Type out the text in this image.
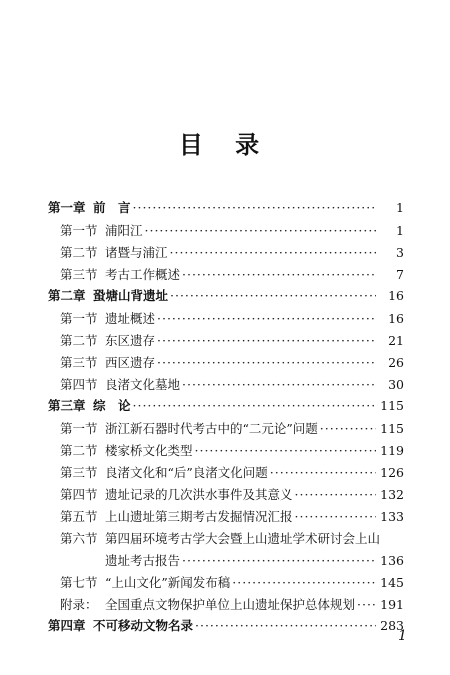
目 录
第一章 前　言 ·····	1
第一节 浦阳江 ·····	1
第二节 诸暨与浦江 ·····	3
第三节 考古工作概述 ·····	7
第二章 蛩塘山背遗址 ·····	16
第一节 遗址概述 ·····	16
第二节 东区遗存 ·····	21
第三节 西区遗存 ·····	26
第四节 良渚文化墓地 ·····	30
第三章 综　论 ·····	115
第一节 浙江新石器时代考古中的“二元论”问题 ·····	115
第二节 楼家桥文化类型 ·····	119
第三节 良渚文化和“后”良渚文化问题 ·····	126
第四节 遗址记录的几次洪水事件及其意义 ·····	132
第五节 上山遗址第三期考古发掘情况汇报 ·····	133
第六节 第四届环境考古学大会暨上山遗址学术研讨会上山
遗址考古报告 ·····	136
第七节 “上山文化”新闻发布稿 ·····	145
附录： 全国重点文物保护单位上山遗址保护总体规划 ····· 191
第四章 不可移动文物名录 ·····	283
1
